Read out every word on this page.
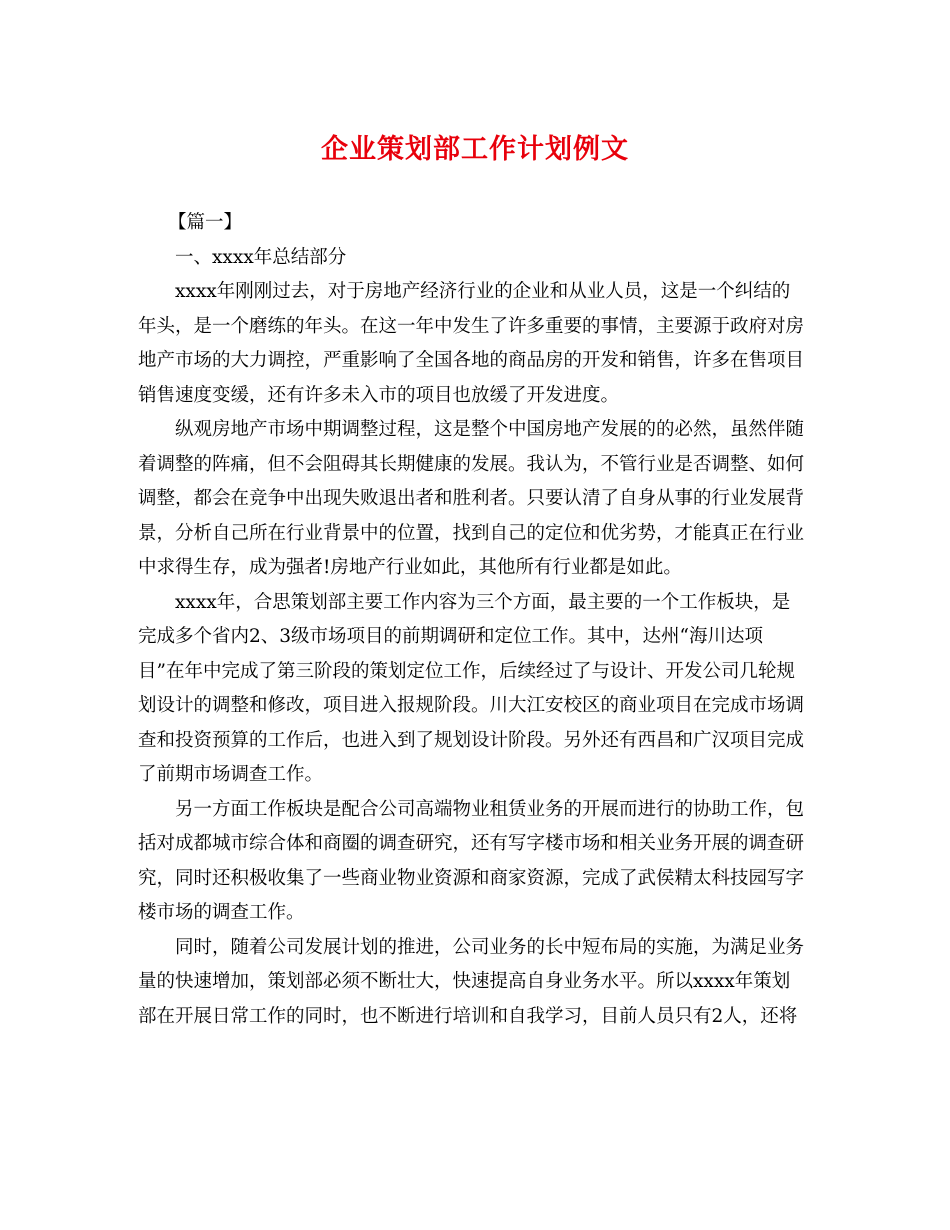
企业策划部工作计划例文
【篇一】
一、xxxx年总结部分
xxxx年刚刚过去，对于房地产经济行业的企业和从业人员，这是一个纠结的
年头，是一个磨练的年头。在这一年中发生了许多重要的事情，主要源于政府对房
地产市场的大力调控，严重影响了全国各地的商品房的开发和销售，许多在售项目
销售速度变缓，还有许多未入市的项目也放缓了开发进度。
纵观房地产市场中期调整过程，这是整个中国房地产发展的的必然，虽然伴随
着调整的阵痛，但不会阻碍其长期健康的发展。我认为，不管行业是否调整、如何
调整，都会在竞争中出现失败退出者和胜利者。只要认清了自身从事的行业发展背
景，分析自己所在行业背景中的位置，找到自己的定位和优劣势，才能真正在行业
中求得生存，成为强者!房地产行业如此，其他所有行业都是如此。
xxxx年，合思策划部主要工作内容为三个方面，最主要的一个工作板块，是
完成多个省内2、3级市场项目的前期调研和定位工作。其中，达州“海川达项
目”在年中完成了第三阶段的策划定位工作，后续经过了与设计、开发公司几轮规
划设计的调整和修改，项目进入报规阶段。川大江安校区的商业项目在完成市场调
查和投资预算的工作后，也进入到了规划设计阶段。另外还有西昌和广汉项目完成
了前期市场调查工作。
另一方面工作板块是配合公司高端物业租赁业务的开展而进行的协助工作，包
括对成都城市综合体和商圈的调查研究，还有写字楼市场和相关业务开展的调查研
究，同时还积极收集了一些商业物业资源和商家资源，完成了武侯精太科技园写字
楼市场的调查工作。
同时，随着公司发展计划的推进，公司业务的长中短布局的实施，为满足业务
量的快速增加，策划部必须不断壮大，快速提高自身业务水平。所以xxxx年策划
部在开展日常工作的同时，也不断进行培训和自我学习，目前人员只有2人，还将
